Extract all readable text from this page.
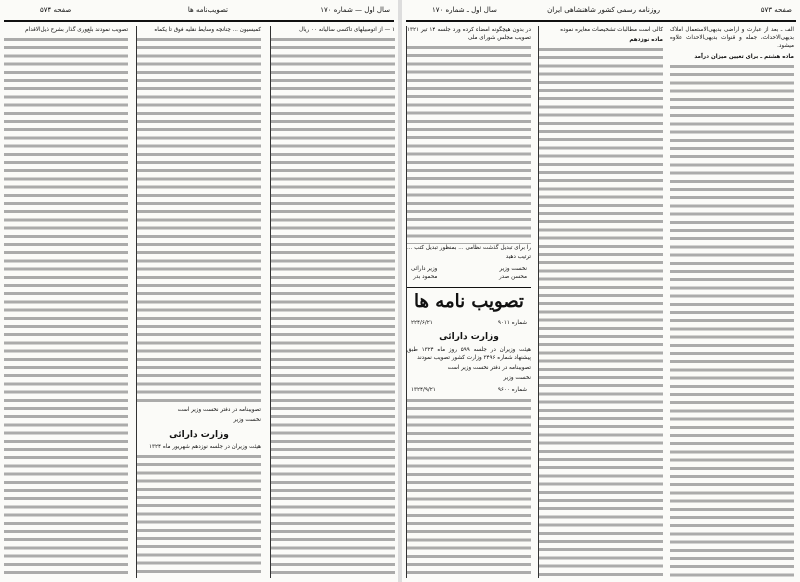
سال اول — شماره ۱۷۰
تصویب‌نامه ها
صفحه ۵۷۴

۱ — از اتومبیلهای تاکسی سالیانه ۰۰ ریال

کمیسیون ... چنانچه وسایط نقلیه فوق تا یکماه

تصویبنامه در دفتر نخست وزیر است

نخست وزیر

وزارت دارائی

هیئت وزیران در جلسه نوزدهم شهریور ماه ۱۳۲۴

تصویب نمودند بلغ‌وری گذار بشرح ذیل‌الاقدام

سال اول ـ شماره ۱۷۰	روزنامه رسمی کشور شاهنشاهی ایران	صفحه ۵۷۳

الف ـ بعد از عبارت و اراضی بدیهی‌الاستعمال املاک بدیهی‌الاحداث، جمله و قنوات بدیهی‌الاحداث علاوه میشود.

ماده هشتم ـ برای تعیین میزان درآمد

کالی است مطالبات تشخیصات مغایره نموده

ماده نوزدهم

در بدون هیچگونه امضاء کرده ورد جلسه ۱۴ تیر ۱۳۲۱ تصویب مجلس شورای ملی

را برای تبدیل گذشت نظامی ... بمنظور تبدیل کتب ... ترتیب دهید

نخست وزیر
محسن صدر
وزیر دارائی
محمود بدر
تصویب نامه ها
شماره ۹۰۱۱
۲۲۴/۶/۲۱
وزارت دارائی

هیئت وزیران در جلسه ۵۹۹ روز ماه ۱۳۲۴ طبق پیشنهاد شماره ۳۴۹۶ وزارت کشور تصویب نمودند

تصویبنامه در دفتر نخست وزیر است

نخست وزیر

شماره ۹۶۰۰
۱۳۲۴/۹/۲۱
